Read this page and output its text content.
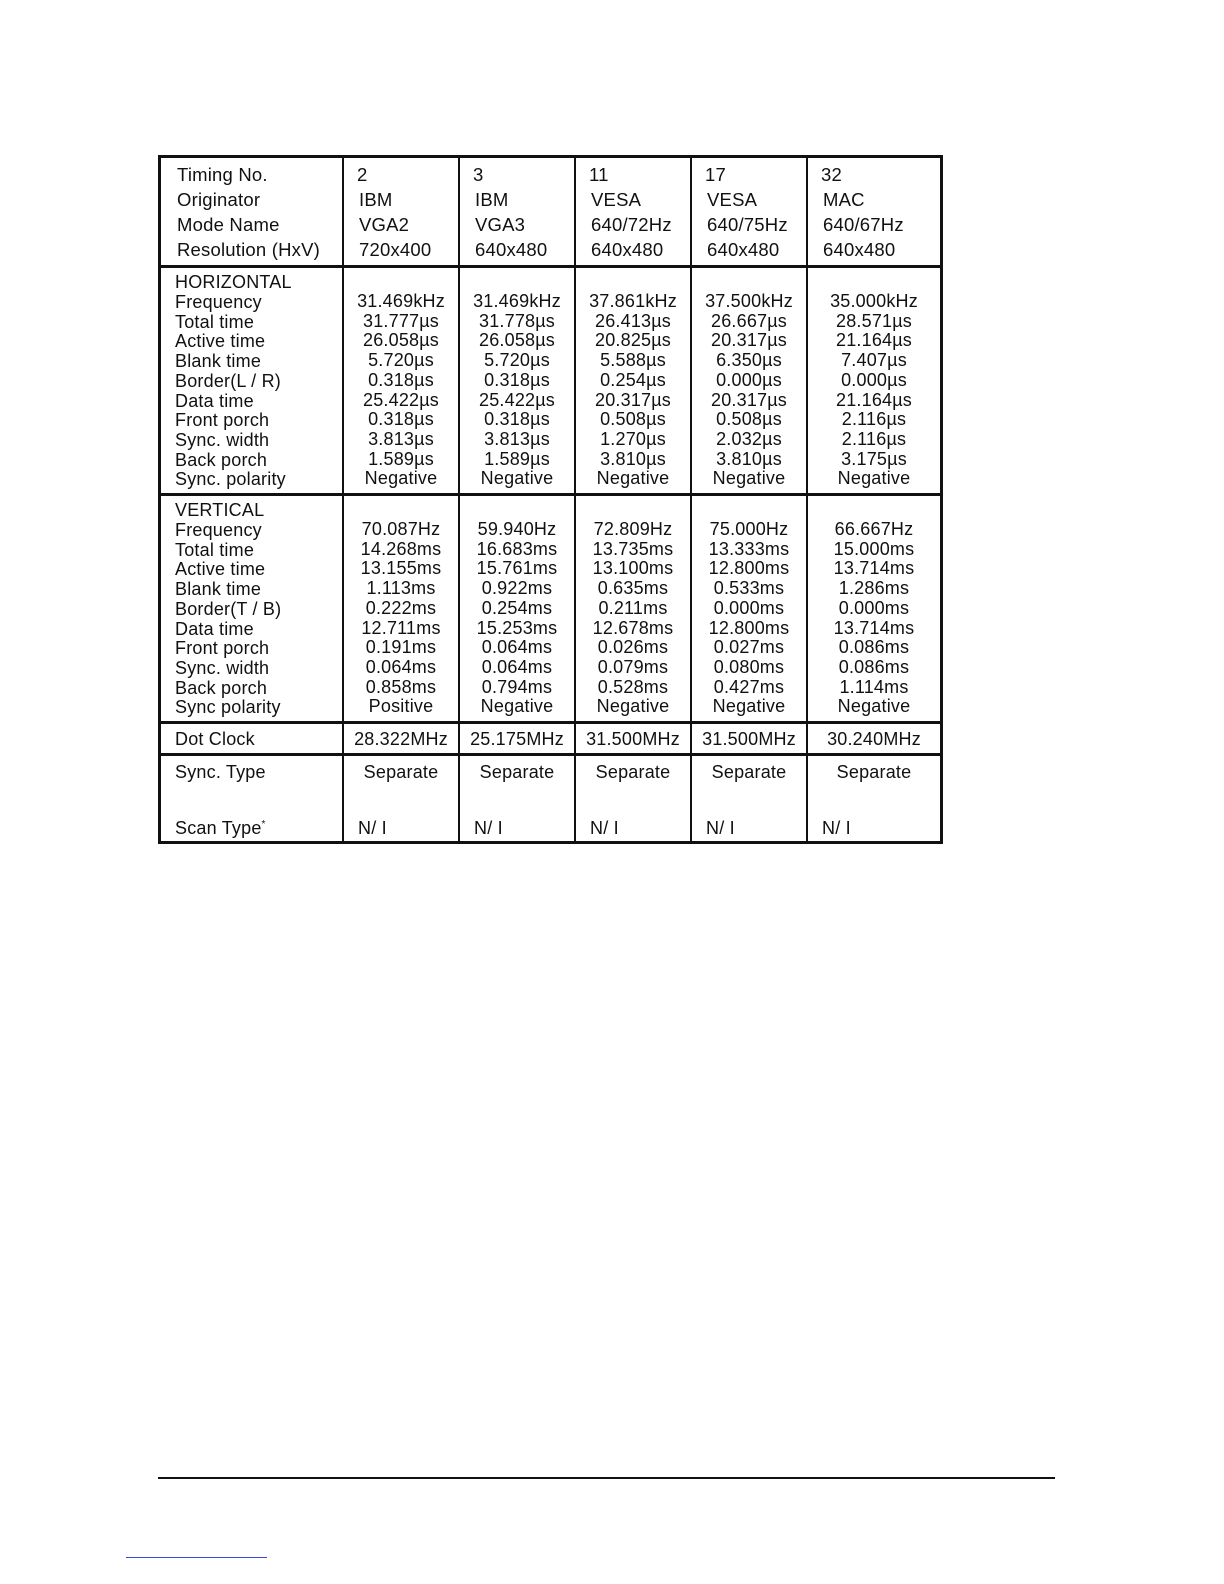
Timing No.
Originator
Mode Name
Resolution (HxV)
2
IBM
VGA2
720x400
3
IBM
VGA3
640x480
11
VESA
640/72Hz
640x480
17
VESA
640/75Hz
640x480
32
MAC
640/67Hz
640x480
HORIZONTAL
Frequency
Total time
Active time
Blank time
Border(L / R)
Data time
Front porch
Sync. width
Back porch
Sync. polarity
31.469kHz
31.777µs
26.058µs
5.720µs
0.318µs
25.422µs
0.318µs
3.813µs
1.589µs
Negative
31.469kHz
31.778µs
26.058µs
5.720µs
0.318µs
25.422µs
0.318µs
3.813µs
1.589µs
Negative
37.861kHz
26.413µs
20.825µs
5.588µs
0.254µs
20.317µs
0.508µs
1.270µs
3.810µs
Negative
37.500kHz
26.667µs
20.317µs
6.350µs
0.000µs
20.317µs
0.508µs
2.032µs
3.810µs
Negative
35.000kHz
28.571µs
21.164µs
7.407µs
0.000µs
21.164µs
2.116µs
2.116µs
3.175µs
Negative
VERTICAL
Frequency
Total time
Active time
Blank time
Border(T / B)
Data time
Front porch
Sync. width
Back porch
Sync polarity
70.087Hz
14.268ms
13.155ms
1.113ms
0.222ms
12.711ms
0.191ms
0.064ms
0.858ms
Positive
59.940Hz
16.683ms
15.761ms
0.922ms
0.254ms
15.253ms
0.064ms
0.064ms
0.794ms
Negative
72.809Hz
13.735ms
13.100ms
0.635ms
0.211ms
12.678ms
0.026ms
0.079ms
0.528ms
Negative
75.000Hz
13.333ms
12.800ms
0.533ms
0.000ms
12.800ms
0.027ms
0.080ms
0.427ms
Negative
66.667Hz
15.000ms
13.714ms
1.286ms
0.000ms
13.714ms
0.086ms
0.086ms
1.114ms
Negative
Dot Clock	28.322MHz 25.175MHz 31.500MHz 31.500MHz 30.240MHz
Sync. Type
Scan Type*
Separate
N/ I
Separate
N/ I
Separate
N/ I
Separate
N/ I
Separate
N/ I
